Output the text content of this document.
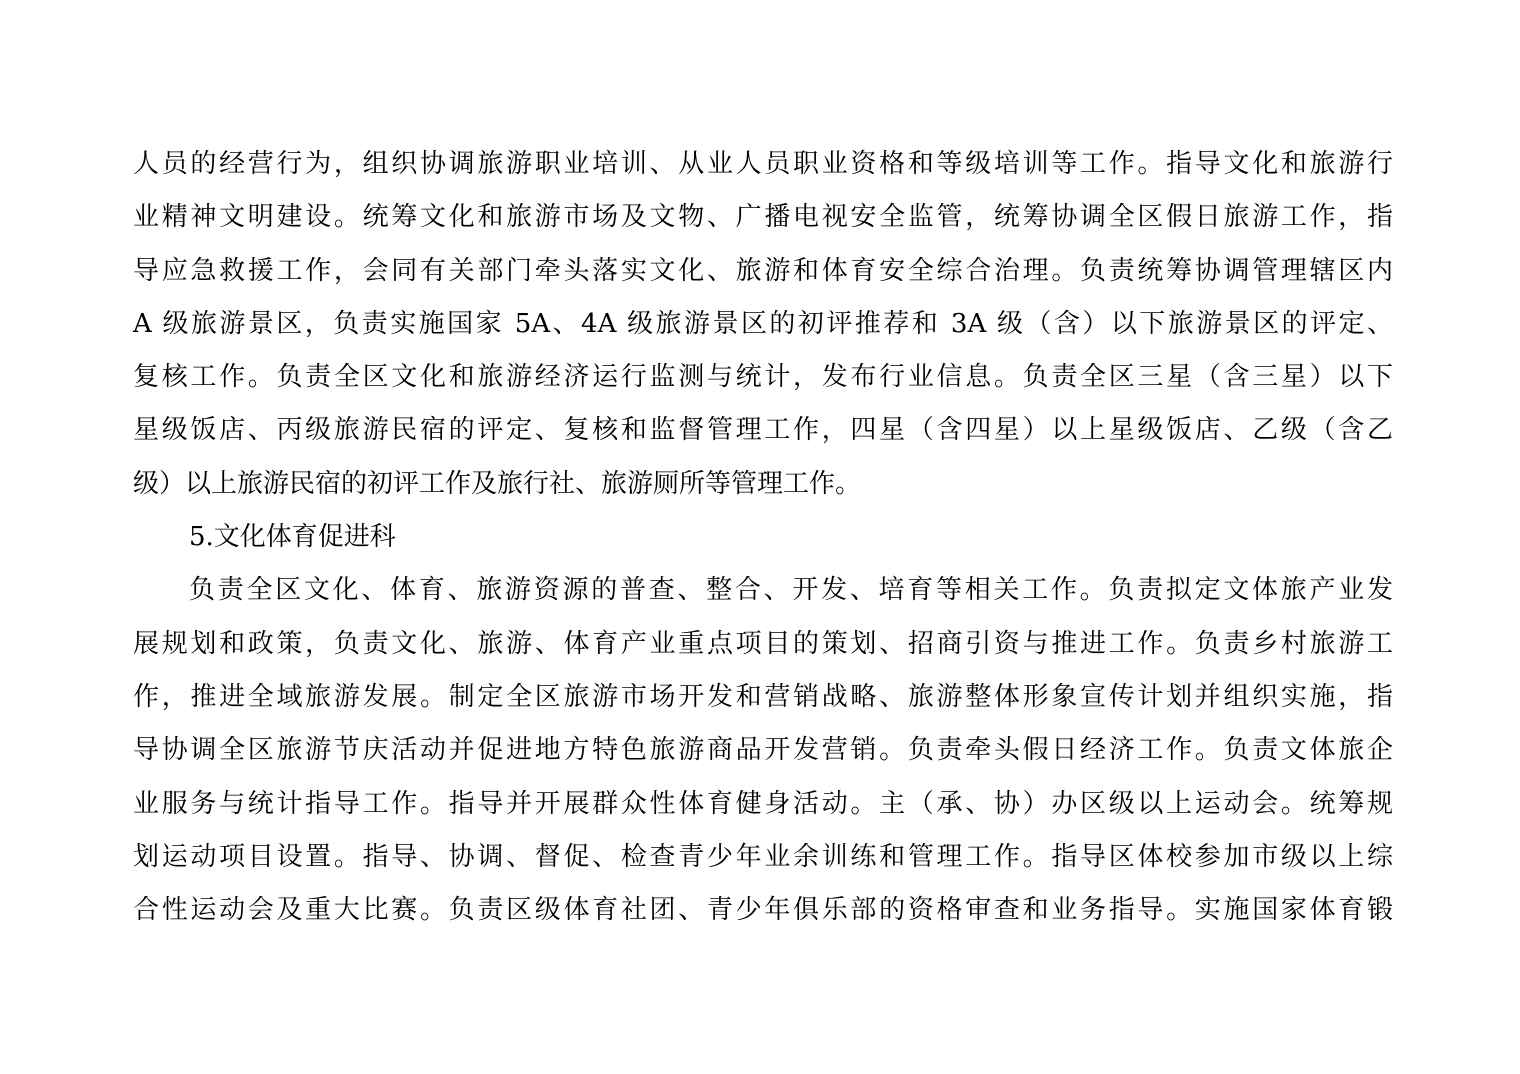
人员的经营行为，组织协调旅游职业培训、从业人员职业资格和等级培训等工作。指导文化和旅游行
业精神文明建设。统筹文化和旅游市场及文物、广播电视安全监管，统筹协调全区假日旅游工作，指
导应急救援工作，会同有关部门牵头落实文化、旅游和体育安全综合治理。负责统筹协调管理辖区内
A 级旅游景区，负责实施国家 5A、4A 级旅游景区的初评推荐和 3A 级（含）以下旅游景区的评定、
复核工作。负责全区文化和旅游经济运行监测与统计，发布行业信息。负责全区三星（含三星）以下
星级饭店、丙级旅游民宿的评定、复核和监督管理工作，四星（含四星）以上星级饭店、乙级（含乙
级）以上旅游民宿的初评工作及旅行社、旅游厕所等管理工作。
5.文化体育促进科
负责全区文化、体育、旅游资源的普查、整合、开发、培育等相关工作。负责拟定文体旅产业发
展规划和政策，负责文化、旅游、体育产业重点项目的策划、招商引资与推进工作。负责乡村旅游工
作，推进全域旅游发展。制定全区旅游市场开发和营销战略、旅游整体形象宣传计划并组织实施，指
导协调全区旅游节庆活动并促进地方特色旅游商品开发营销。负责牵头假日经济工作。负责文体旅企
业服务与统计指导工作。指导并开展群众性体育健身活动。主（承、协）办区级以上运动会。统筹规
划运动项目设置。指导、协调、督促、检查青少年业余训练和管理工作。指导区体校参加市级以上综
合性运动会及重大比赛。负责区级体育社团、青少年俱乐部的资格审查和业务指导。实施国家体育锻
